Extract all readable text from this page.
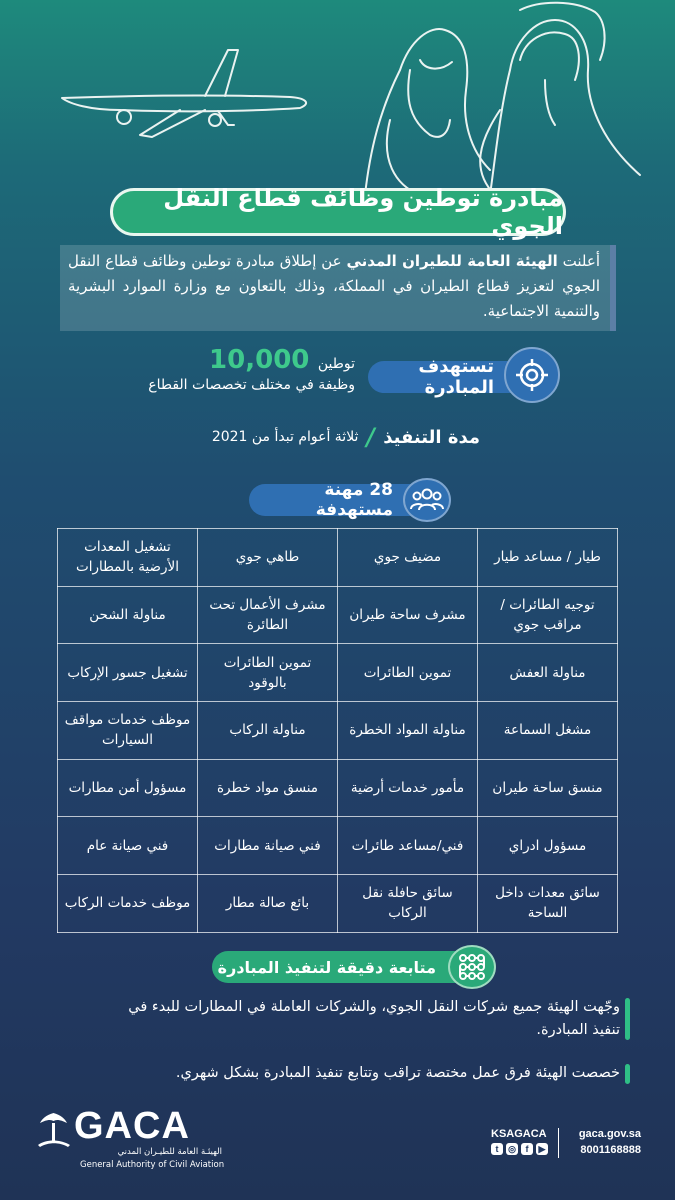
مبادرة توطين وظائف قطاع النقل الجوي
أعلنت الهيئة العامة للطيران المدني عن إطلاق مبادرة توطين وظائف قطاع النقل الجوي لتعزيز قطاع الطيران في المملكة، وذلك بالتعاون مع وزارة الموارد البشرية والتنمية الاجتماعية.
تستهدف المبادرة
توطين 10,000
وظيفة في مختلف تخصصات القطاع
مدة التنفيذ
/
ثلاثة أعوام تبدأ من 2021
28 مهنة مستهدفة
طيار / مساعد طيار	مضيف جوي	طاهي جوي	تشغيل المعدات الأرضية بالمطارات
توجيه الطائرات / مراقب جوي	مشرف ساحة طيران	مشرف الأعمال تحت الطائرة	مناولة الشحن
مناولة العفش	تموين الطائرات	تموين الطائرات بالوقود	تشغيل جسور الإركاب
مشغل السماعة	مناولة المواد الخطرة	مناولة الركاب	موظف خدمات مواقف السيارات
منسق ساحة طيران	مأمور خدمات أرضية	منسق مواد خطرة	مسؤول أمن مطارات
مسؤول ادراي	فني/مساعد طائرات	فني صيانة مطارات	فني صيانة عام
سائق معدات داخل الساحة	سائق حافلة نقل الركاب	بائع صالة مطار	موظف خدمات الركاب
متابعة دقيقة لتنفيذ المبادرة
وجّهت الهيئة جميع شركات النقل الجوي، والشركات العاملة في المطارات للبدء في تنفيذ المبادرة.
خصصت الهيئة فرق عمل مختصة تراقب وتتابع تنفيذ المبادرة بشكل شهري.
GACA
الهيئـة العامة للطيـران المدني
General Authority of Civil Aviation
KSAGACA
t	◎	f	▶
gaca.gov.sa
8001168888
